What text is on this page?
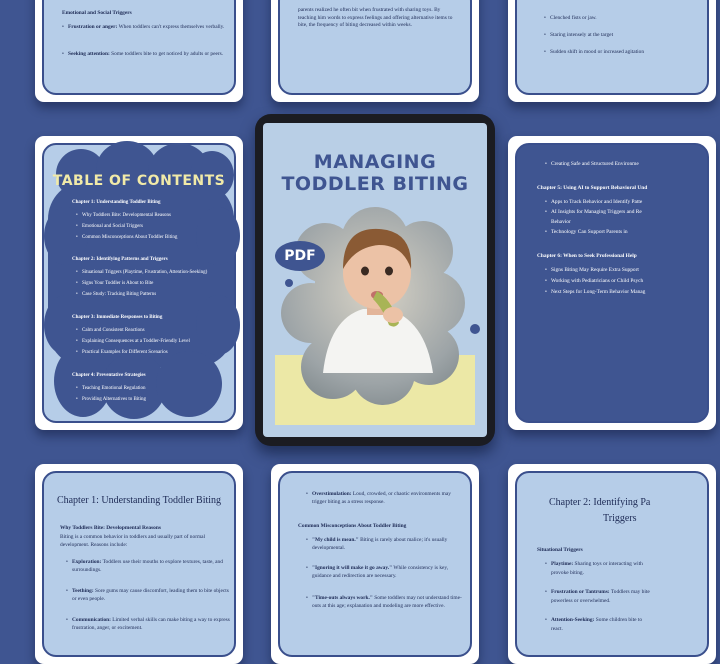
Emotional and Social Triggers
• Frustration or anger: When toddlers can't express themselves verbally.
• Seeking attention: Some toddlers bite to get noticed by adults or peers.
parents realized he often bit when frustrated with sharing toys. By teaching him words to express feelings and offering alternative items to bite, the frequency of biting decreased within weeks.
• Clenched fists or jaw.
• Staring intensely at the target
• Sudden shift in mood or increased agitation
TABLE OF CONTENTS
Chapter 1: Understanding Toddler Biting
• Why Toddlers Bite: Developmental Reasons
• Emotional and Social Triggers
• Common Misconceptions About Toddler Biting
Chapter 2: Identifying Patterns and Triggers
• Situational Triggers (Playtime, Frustration, Attention-Seeking)
• Signs Your Toddler is About to Bite
• Case Study: Tracking Biting Patterns
Chapter 3: Immediate Responses to Biting
• Calm and Consistent Reactions
• Explaining Consequences at a Toddler-Friendly Level
• Practical Examples for Different Scenarios
Chapter 4: Preventative Strategies
• Teaching Emotional Regulation
• Providing Alternatives to Biting
MANAGING
TODDLER BITING
PDF
• Creating Safe and Structured Environme
Chapter 5: Using AI to Support Behavioral Und
• Apps to Track Behavior and Identify Patte
• AI Insights for Managing Triggers and Re
Behavior
• Technology Can Support Parents in
Chapter 6: When to Seek Professional Help
• Signs Biting May Require Extra Support
• Working with Pediatricians or Child Psych
• Next Steps for Long-Term Behavior Manag
Chapter 1: Understanding Toddler Biting
Why Toddlers Bite: Developmental Reasons
Biting is a common behavior in toddlers and usually part of normal development. Reasons include:
• Exploration: Toddlers use their mouths to explore textures, taste, and surroundings.
• Teething: Sore gums may cause discomfort, leading them to bite objects or even people.
• Communication: Limited verbal skills can make biting a way to express frustration, anger, or excitement.
• Overstimulation: Loud, crowded, or chaotic environments may trigger biting as a stress response.
Common Misconceptions About Toddler Biting
• "My child is mean." Biting is rarely about malice; it's usually developmental.
• "Ignoring it will make it go away." While consistency is key, guidance and redirection are necessary.
• "Time-outs always work." Some toddlers may not understand time-outs at this age; explanation and modeling are more effective.
Chapter 2: Identifying Pa
Triggers
Situational Triggers
• Playtime: Sharing toys or interacting with
provoke biting.
• Frustration or Tantrums: Toddlers may bite
powerless or overwhelmed.
• Attention-Seeking: Some children bite to
react.
